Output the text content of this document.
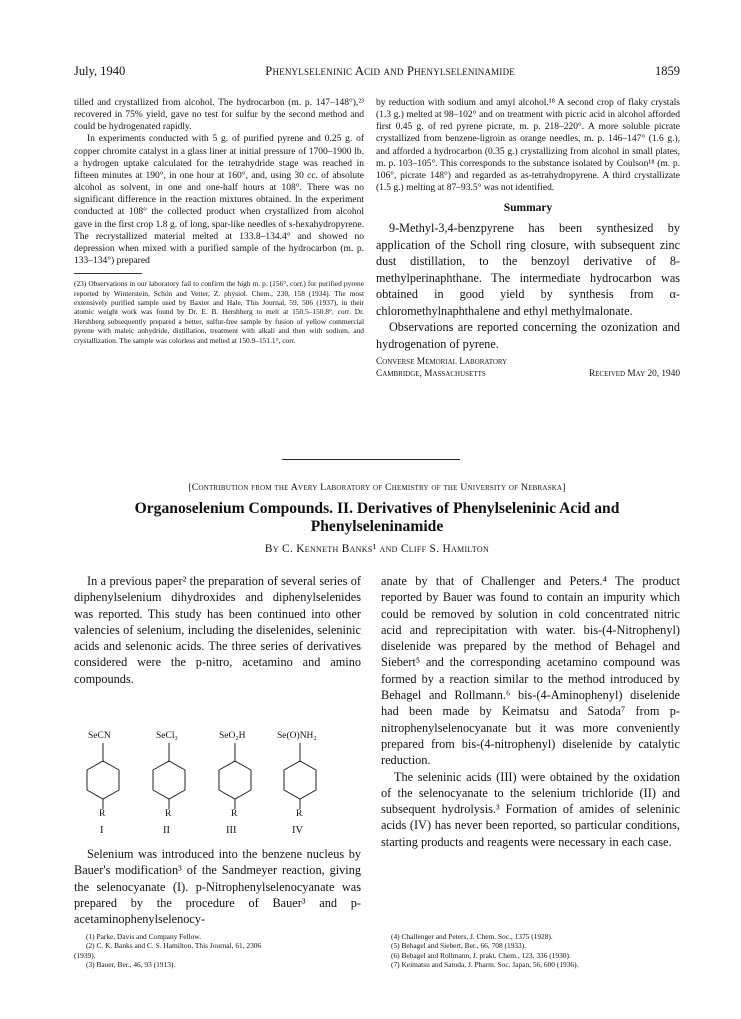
July, 1940	Phenylseleninic Acid and Phenylseleninamide	1859

tilled and crystallized from alcohol. The hydrocarbon (m. p. 147–148°),²³ recovered in 75% yield, gave no test for sulfur by the second method and could be hydrogenated rapidly.

In experiments conducted with 5 g. of purified pyrene and 0.25 g. of copper chromite catalyst in a glass liner at initial pressure of 1700–1900 lb. a hydrogen uptake calculated for the tetrahydride stage was reached in fifteen minutes at 190°, in one hour at 160°, and, using 30 cc. of absolute alcohol as solvent, in one and one-half hours at 108°. There was no significant difference in the reaction mixtures obtained. In the experiment conducted at 108° the collected product when crystallized from alcohol gave in the first crop 1.8 g. of long, spar-like needles of s-hexahydropyrene. The recrystallized material melted at 133.8–134.4° and showed no depression when mixed with a purified sample of the hydrocarbon (m. p. 133–134°) prepared

(23) Observations in our laboratory fail to confirm the high m. p. (156°, corr.) for purified pyrene reported by Winterstein, Schön and Vetter, Z. physiol. Chem., 230, 158 (1934). The most extensively purified sample used by Baxter and Hale, This Journal, 59, 506 (1937), in their atomic weight work was found by Dr. E. B. Hershberg to melt at 150.5–150.8°, corr. Dr. Hershberg subsequently prepared a better, sulfur-free sample by fusion of yellow commercial pyrene with maleic anhydride, distillation, treatment with alkali and then with sodium, and crystallization. The sample was colorless and melted at 150.9–151.1°, corr.

by reduction with sodium and amyl alcohol.¹⁸ A second crop of flaky crystals (1.3 g.) melted at 98–102° and on treatment with picric acid in alcohol afforded first 0.45 g. of red pyrene picrate, m. p. 218–220°. A more soluble picrate crystallized from benzene-ligroin as orange needles, m. p. 146–147° (1.6 g.), and afforded a hydrocarbon (0.35 g.) crystallizing from alcohol in small plates, m. p. 103–105°. This corresponds to the substance isolated by Coulson¹⁸ (m. p. 106°, picrate 148°) and regarded as as-tetrahydropyrene. A third crystallizate (1.5 g.) melting at 87–93.5° was not identified.

Summary

9-Methyl-3,4-benzpyrene has been synthesized by application of the Scholl ring closure, with subsequent zinc dust distillation, to the benzoyl derivative of 8-methylperinaphthane. The intermediate hydrocarbon was obtained in good yield by synthesis from α-chloromethylnaphthalene and ethyl methylmalonate.

Observations are reported concerning the ozonization and hydrogenation of pyrene.

Converse Memorial Laboratory
Cambridge, Massachusetts	Received May 20, 1940
[Contribution from the Avery Laboratory of Chemistry of the University of Nebraska]
Organoselenium Compounds. II. Derivatives of Phenylseleninic Acid and
Phenylseleninamide
By C. Kenneth Banks¹ and Cliff S. Hamilton

In a previous paper² the preparation of several series of diphenylselenium dihydroxides and diphenylselenides was reported. This study has been continued into other valencies of selenium, including the diselenides, seleninic acids and selenonic acids. The three series of derivatives considered were the p-nitro, acetamino and amino compounds.

SeCN	SeCl₃	SeO₂H	Se(O)NH₂
R	R	R	R
I	II	III	IV

Selenium was introduced into the benzene nucleus by Bauer's modification³ of the Sandmeyer reaction, giving the selenocyanate (I). p-Nitrophenylselenocyanate was prepared by the procedure of Bauer³ and p-acetaminophenylselenocy-

anate by that of Challenger and Peters.⁴ The product reported by Bauer was found to contain an impurity which could be removed by solution in cold concentrated nitric acid and reprecipitation with water. bis-(4-Nitrophenyl) diselenide was prepared by the method of Behagel and Siebert⁵ and the corresponding acetamino compound was formed by a reaction similar to the method introduced by Behagel and Rollmann.⁶ bis-(4-Aminophenyl) diselenide had been made by Keimatsu and Satoda⁷ from p-nitrophenylselenocyanate but it was more conveniently prepared from bis-(4-nitrophenyl) diselenide by catalytic reduction.

The seleninic acids (III) were obtained by the oxidation of the selenocyanate to the selenium trichloride (II) and subsequent hydrolysis.³ Formation of amides of seleninic acids (IV) has never been reported, so particular conditions, starting products and reagents were necessary in each case.

(1) Parke, Davis and Company Fellow.
(2) C. K. Banks and C. S. Hamilton, This Journal, 61, 2306
(1939).
(3) Bauer, Ber., 46, 93 (1913).
(4) Challenger and Peters, J. Chem. Soc., 1375 (1928).
(5) Behagel and Siebert, Ber., 66, 708 (1933).
(6) Behagel and Rollmann, J. prakt. Chem., 123, 336 (1930).
(7) Keimatsu and Satoda, J. Pharm. Soc. Japan, 56, 600 (1936).
